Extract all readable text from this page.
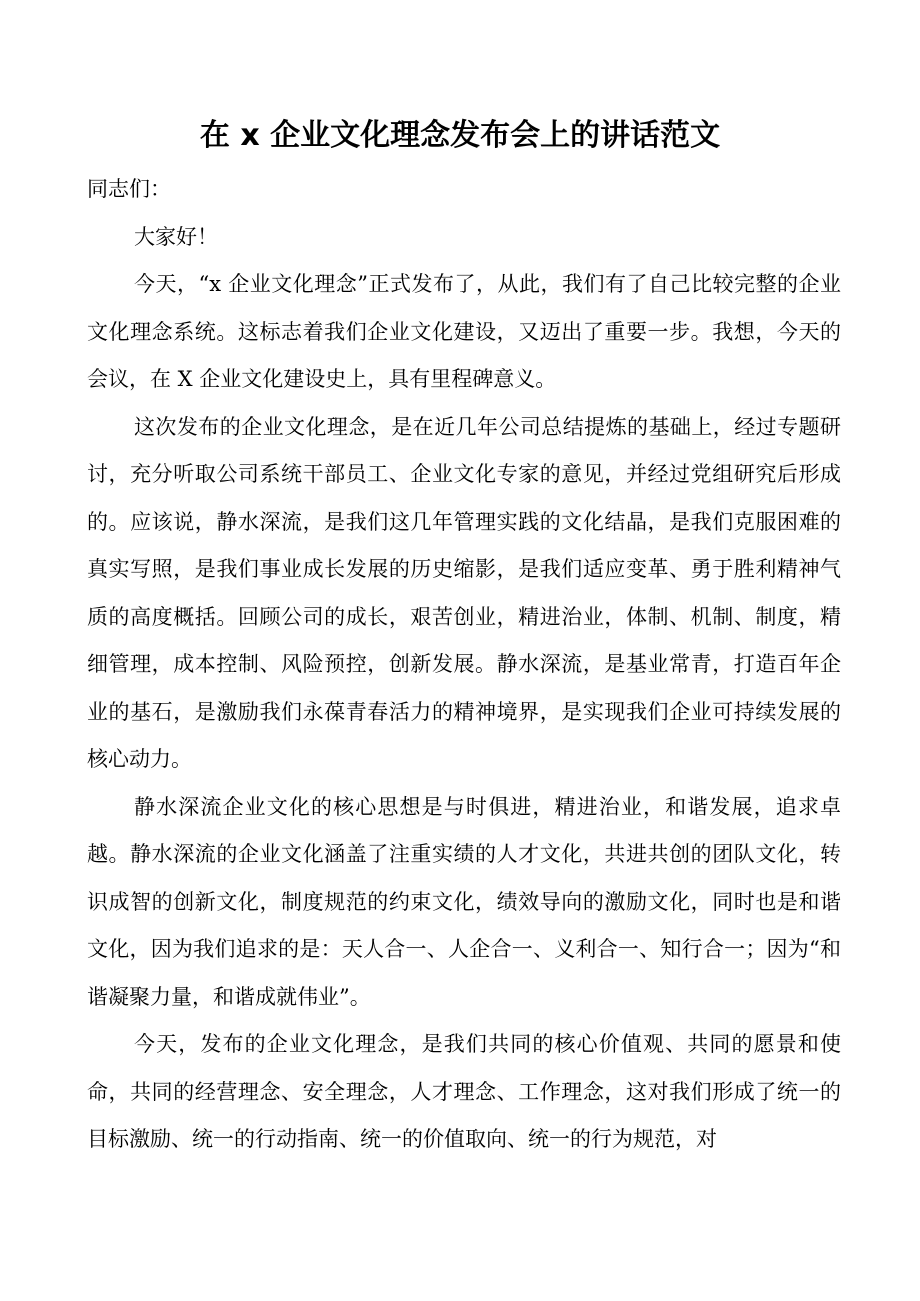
在 x 企业文化理念发布会上的讲话范文

同志们：

大家好！

今天，“x 企业文化理念”正式发布了，从此，我们有了自己比较完整的企业文化理念系统。这标志着我们企业文化建设，又迈出了重要一步。我想，今天的会议，在 X 企业文化建设史上，具有里程碑意义。

这次发布的企业文化理念，是在近几年公司总结提炼的基础上，经过专题研讨，充分听取公司系统干部员工、企业文化专家的意见，并经过党组研究后形成的。应该说，静水深流，是我们这几年管理实践的文化结晶，是我们克服困难的真实写照，是我们事业成长发展的历史缩影，是我们适应变革、勇于胜利精神气质的高度概括。回顾公司的成长，艰苦创业，精进治业，体制、机制、制度，精细管理，成本控制、风险预控，创新发展。静水深流，是基业常青，打造百年企业的基石，是激励我们永葆青春活力的精神境界，是实现我们企业可持续发展的核心动力。

静水深流企业文化的核心思想是与时俱进，精进治业，和谐发展，追求卓越。静水深流的企业文化涵盖了注重实绩的人才文化，共进共创的团队文化，转识成智的创新文化，制度规范的约束文化，绩效导向的激励文化，同时也是和谐文化，因为我们追求的是：天人合一、人企合一、义利合一、知行合一；因为“和谐凝聚力量，和谐成就伟业”。

今天，发布的企业文化理念，是我们共同的核心价值观、共同的愿景和使命，共同的经营理念、安全理念，人才理念、工作理念，这对我们形成了统一的目标激励、统一的行动指南、统一的价值取向、统一的行为规范，对
